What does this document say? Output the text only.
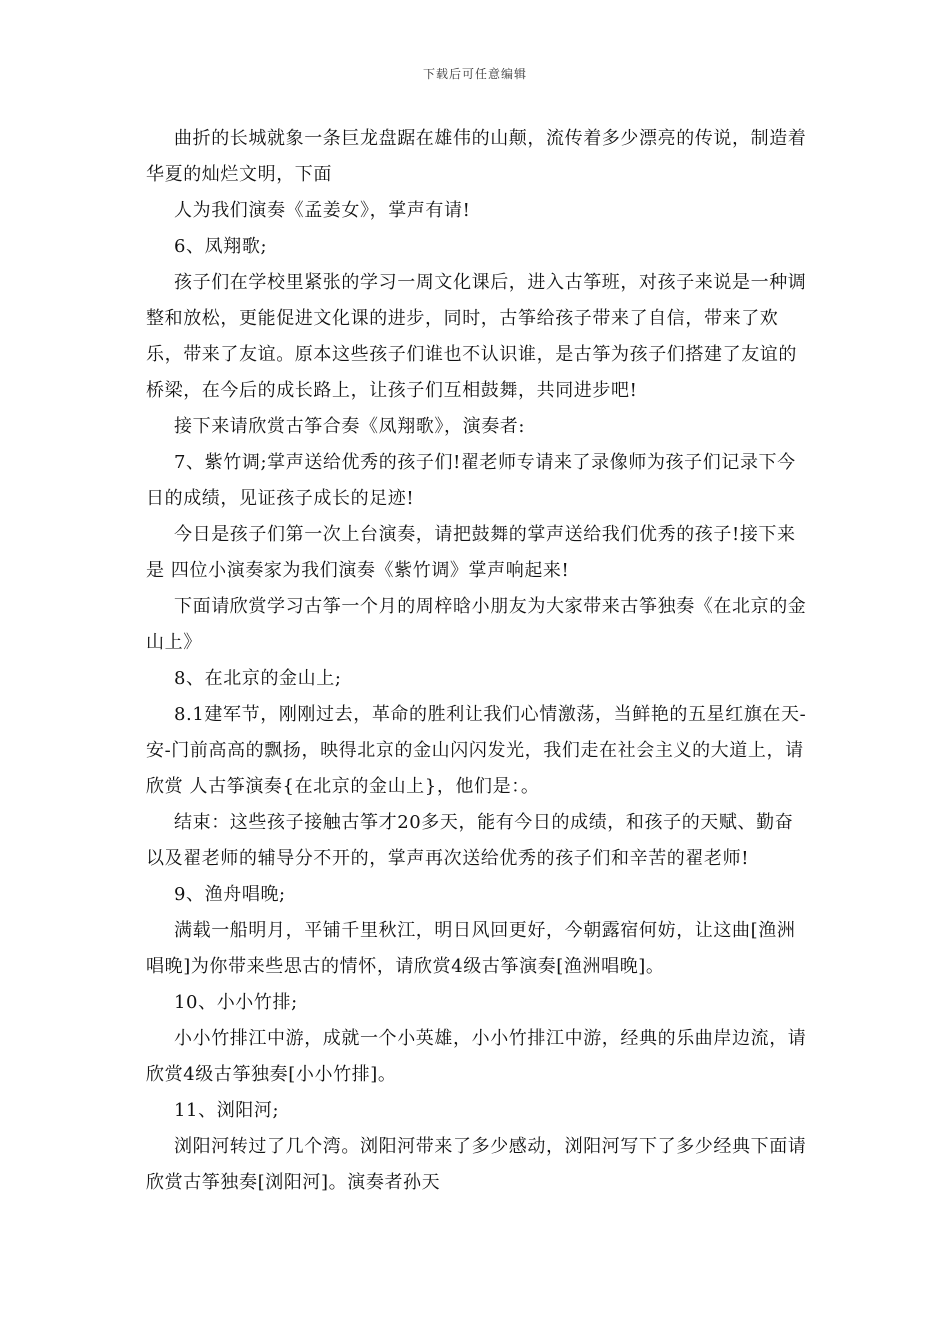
下载后可任意编辑

曲折的长城就象一条巨龙盘踞在雄伟的山颠，流传着多少漂亮的传说，制造着华夏的灿烂文明，下面

人为我们演奏《孟姜女》，掌声有请!

6、凤翔歌;

孩子们在学校里紧张的学习一周文化课后，进入古筝班，对孩子来说是一种调整和放松，更能促进文化课的进步，同时，古筝给孩子带来了自信，带来了欢乐，带来了友谊。原本这些孩子们谁也不认识谁，是古筝为孩子们搭建了友谊的桥梁，在今后的成长路上，让孩子们互相鼓舞，共同进步吧!

接下来请欣赏古筝合奏《凤翔歌》，演奏者:

7、紫竹调;掌声送给优秀的孩子们!翟老师专请来了录像师为孩子们记录下今日的成绩，见证孩子成长的足迹!

今日是孩子们第一次上台演奏，请把鼓舞的掌声送给我们优秀的孩子!接下来是 四位小演奏家为我们演奏《紫竹调》掌声响起来!

下面请欣赏学习古筝一个月的周梓晗小朋友为大家带来古筝独奏《在北京的金山上》

8、在北京的金山上;

8.1建军节，刚刚过去，革命的胜利让我们心情激荡，当鲜艳的五星红旗在天-安-门前高高的飘扬，映得北京的金山闪闪发光，我们走在社会主义的大道上，请欣赏 人古筝演奏{在北京的金山上}，他们是：。

结束：这些孩子接触古筝才20多天，能有今日的成绩，和孩子的天赋、勤奋以及翟老师的辅导分不开的，掌声再次送给优秀的孩子们和辛苦的翟老师!

9、渔舟唱晚;

满载一船明月，平铺千里秋江，明日风回更好，今朝露宿何妨，让这曲[渔洲唱晚]为你带来些思古的情怀，请欣赏4级古筝演奏[渔洲唱晚]。

10、小小竹排;

小小竹排江中游，成就一个小英雄，小小竹排江中游，经典的乐曲岸边流，请欣赏4级古筝独奏[小小竹排]。

11、浏阳河;

浏阳河转过了几个湾。浏阳河带来了多少感动，浏阳河写下了多少经典下面请欣赏古筝独奏[浏阳河]。演奏者孙天
